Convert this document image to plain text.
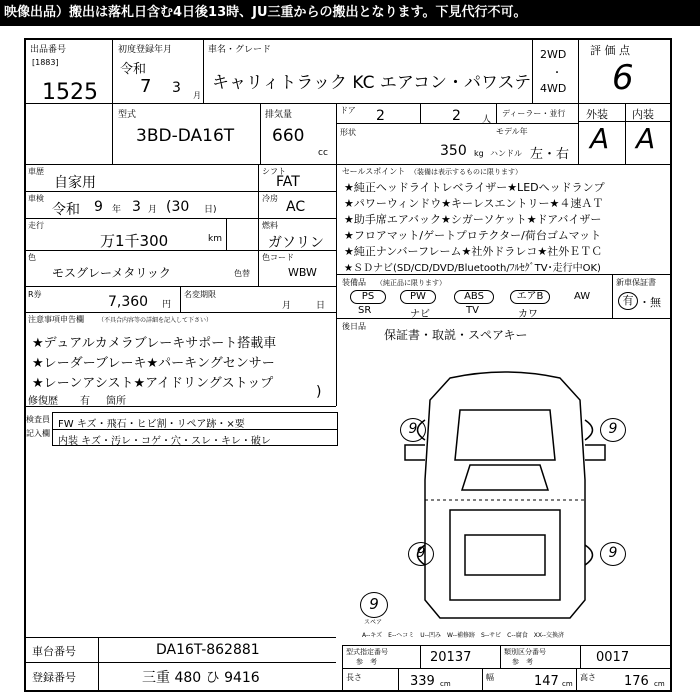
映像出品）搬出は落札日含む4日後13時、JU三重からの搬出となります。下見代行不可。
出品番号
[1883]
1525
初度登録年月
令和
7 3 月
車名・グレード
キャリィトラック KC エアコン・パワステ
2WD
・
4WD
評 価 点
6
型式
3BD-DA16T
排気量
660
cc
ドア 2	2 人
ディーラー・並行
形状	モデル年
350 kg ハンドル 左・右
外装 内装
A A
車歴
自家用
シフト
FAT
車検
令和 9 年 3 月 (30 日)
冷房
AC
走行
万1千300	km
燃料
ガソリン
色
モスグレーメタリック	色替
色コード
WBW
R券	7,360 円
名変期限
月	日
注意事項申告欄 （不具合内容等の詳細を記入して下さい）
★デュアルカメラブレーキサポート搭載車
★レーダーブレーキ★パーキングセンサー
★レーンアシスト★アイドリングストップ
修復歴 有 箇所
)
検査員
記入欄
FW キズ・飛石・ヒビ割・リペア跡・×要
内装 キズ・汚レ・コゲ・穴・スレ・キレ・破レ
セールスポイント （装備は表示するものに限ります）
★純正ヘッドライトレベライザー★LEDヘッドランプ
★パワーウィンドウ★キーレスエントリー★４速ＡＴ
★助手席エアバック★シガーソケット★ドアバイザー
★フロアマット/ゲートプロテクター/荷台ゴムマット
★純正ナンバーフレーム★社外ドラレコ★社外ＥＴＣ
★ＳＤナビ(SD/CD/DVD/Bluetooth/ﾌﾙｾｸﾞTV･走行中OK)
装備品 （純正品に限ります）
PS	PW	ABS	エアB	AW
SR	ナビ	TV	カワ
新車保証書
有 ・ 無
後日品
保証書・取説・スペアキー
9	9
9	9
9
スペア
A--キズ　E--ヘコミ　U--凹み　W--補修跡　S--サビ　C--腐食　XX--交換済
車台番号	DA16T-862881
登録番号	三重 480 ひ 9416
型式指定番号
参　考	20137	類別区分番号
参　考	0017
長さ	339 cm
幅	147 cm
高さ 176 cm
